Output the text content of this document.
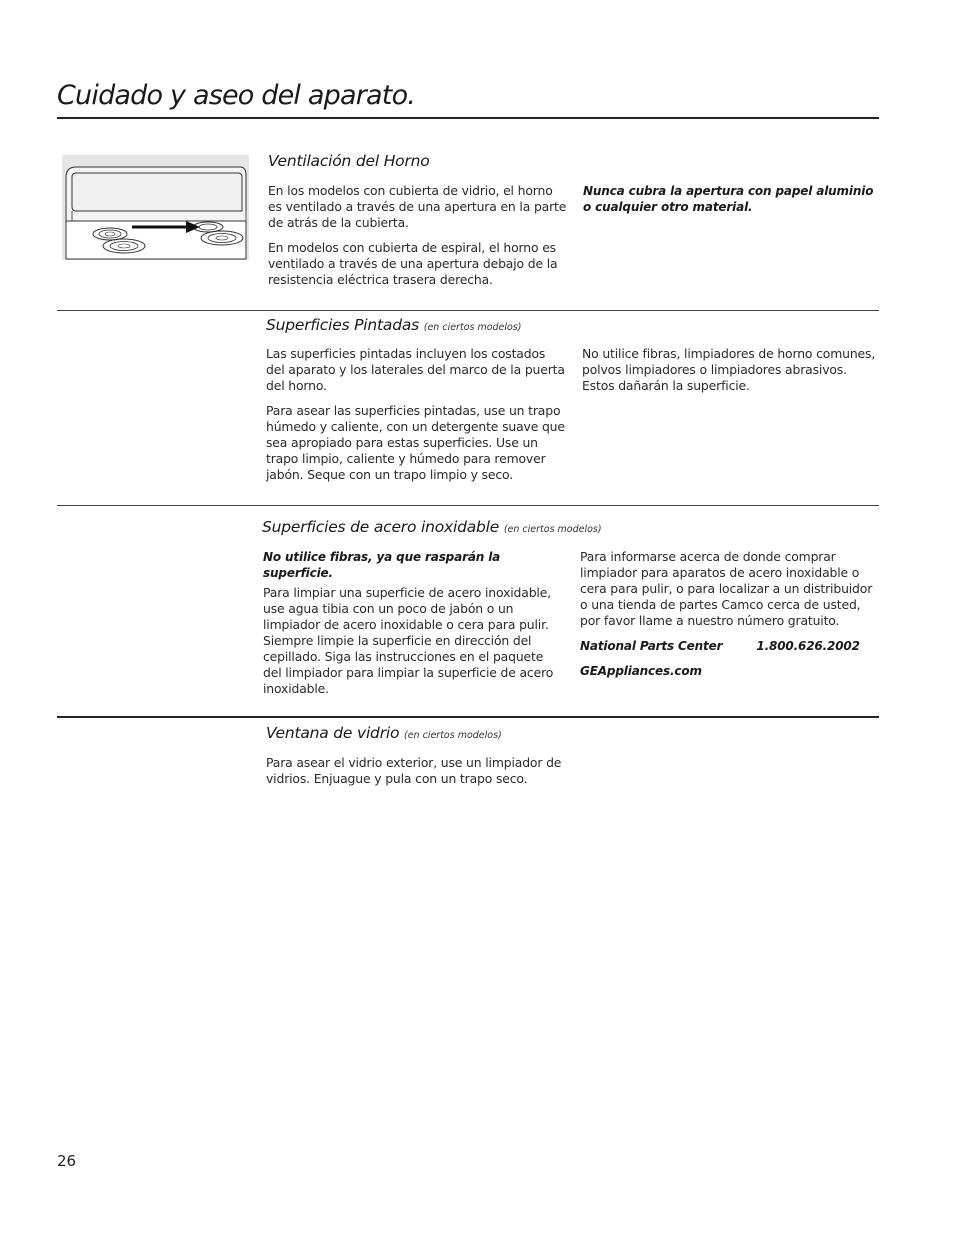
Cuidado y aseo del aparato.
Ventilación del Horno

En los modelos con cubierta de vidrio, el horno es ventilado a través de una apertura en la parte de atrás de la cubierta.

En modelos con cubierta de espiral, el horno es ventilado a través de una apertura debajo de la resistencia eléctrica trasera derecha.

Nunca cubra la apertura con papel aluminio o cualquier otro material.

Superficies Pintadas (en ciertos modelos)

Las superficies pintadas incluyen los costados del aparato y los laterales del marco de la puerta del horno.

Para asear las superficies pintadas, use un trapo húmedo y caliente, con un detergente suave que sea apropiado para estas superficies. Use un trapo limpio, caliente y húmedo para remover jabón. Seque con un trapo limpio y seco.

No utilice fibras, limpiadores de horno comunes, polvos limpiadores o limpiadores abrasivos. Estos dañarán la superficie.

Superficies de acero inoxidable (en ciertos modelos)

No utilice fibras, ya que rasparán la superficie.

Para limpiar una superficie de acero inoxidable, use agua tibia con un poco de jabón o un limpiador de acero inoxidable o cera para pulir. Siempre limpie la superficie en dirección del cepillado. Siga las instrucciones en el paquete del limpiador para limpiar la superficie de acero inoxidable.

Para informarse acerca de donde comprar limpiador para aparatos de acero inoxidable o cera para pulir, o para localizar a un distribuidor o una tienda de partes Camco cerca de usted, por favor llame a nuestro número gratuito.

National Parts Center	1.800.626.2002

GEAppliances.com

Ventana de vidrio (en ciertos modelos)

Para asear el vidrio exterior, use un limpiador de vidrios. Enjuague y pula con un trapo seco.

26
